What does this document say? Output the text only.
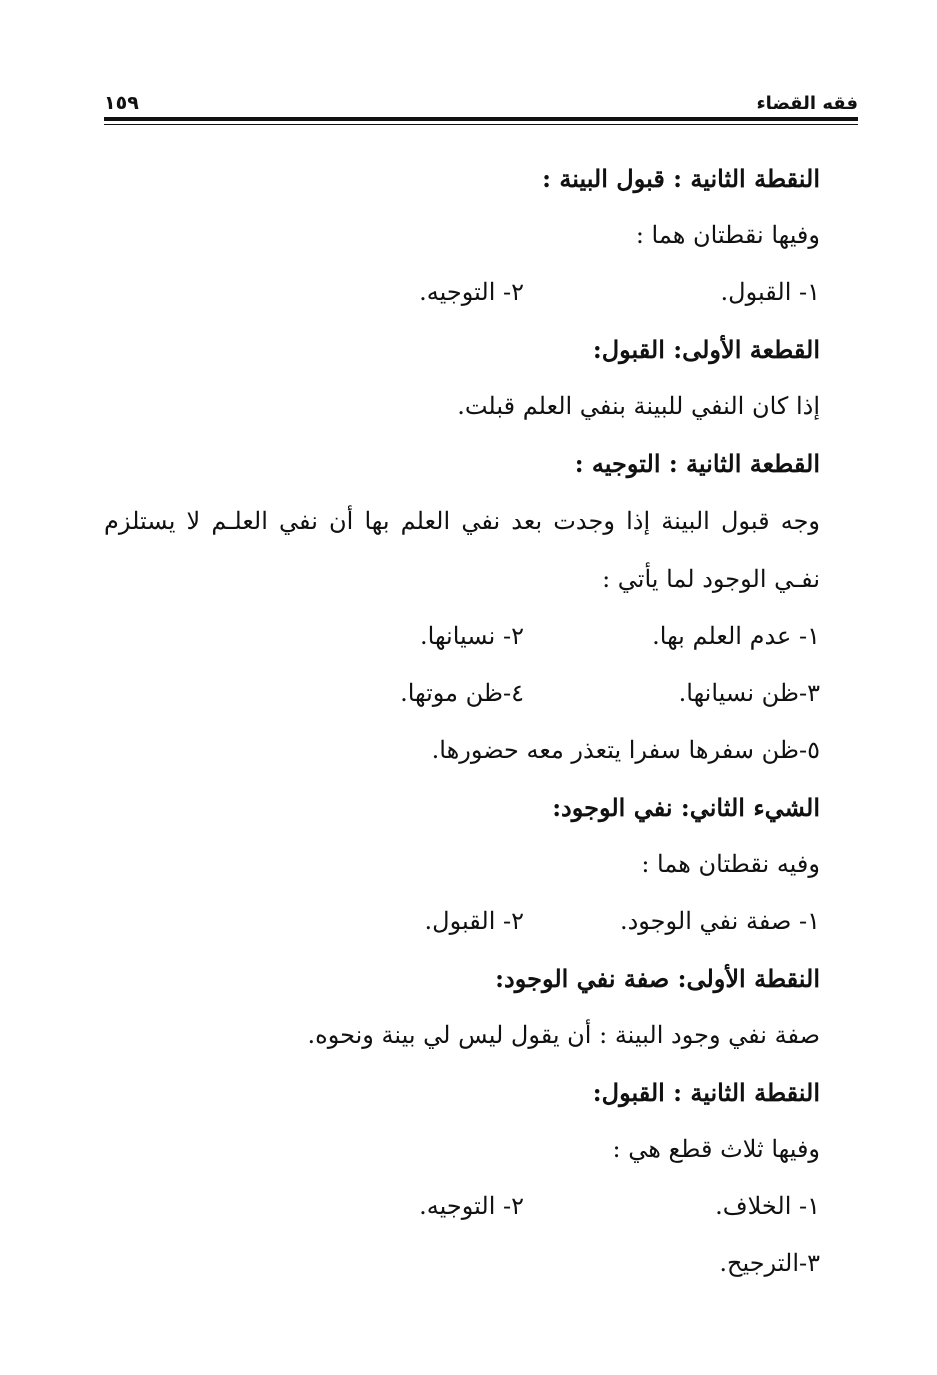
١٥٩	فقه القضاء
النقطة الثانية : قبول البينة :
وفيها نقطتان هما :
١- القبول.
٢- التوجيه.
القطعة الأولى: القبول:
إذا كان النفي للبينة بنفي العلم قبلت.
القطعة الثانية : التوجيه :
وجه قبول البينة إذا وجدت بعد نفي العلم بها أن نفي العلـم لا يستلزم نفـي الوجود لما يأتي :
١- عدم العلم بها.
٢- نسيانها.
٣-ظن نسيانها.
٤-ظن موتها.
٥-ظن سفرها سفرا يتعذر معه حضورها.
الشيء الثاني: نفي الوجود:
وفيه نقطتان هما :
١- صفة نفي الوجود.
٢- القبول.
النقطة الأولى: صفة نفي الوجود:
صفة نفي وجود البينة : أن يقول ليس لي بينة ونحوه.
النقطة الثانية : القبول:
وفيها ثلاث قطع هي :
١- الخلاف.
٢- التوجيه.
٣-الترجيح.
